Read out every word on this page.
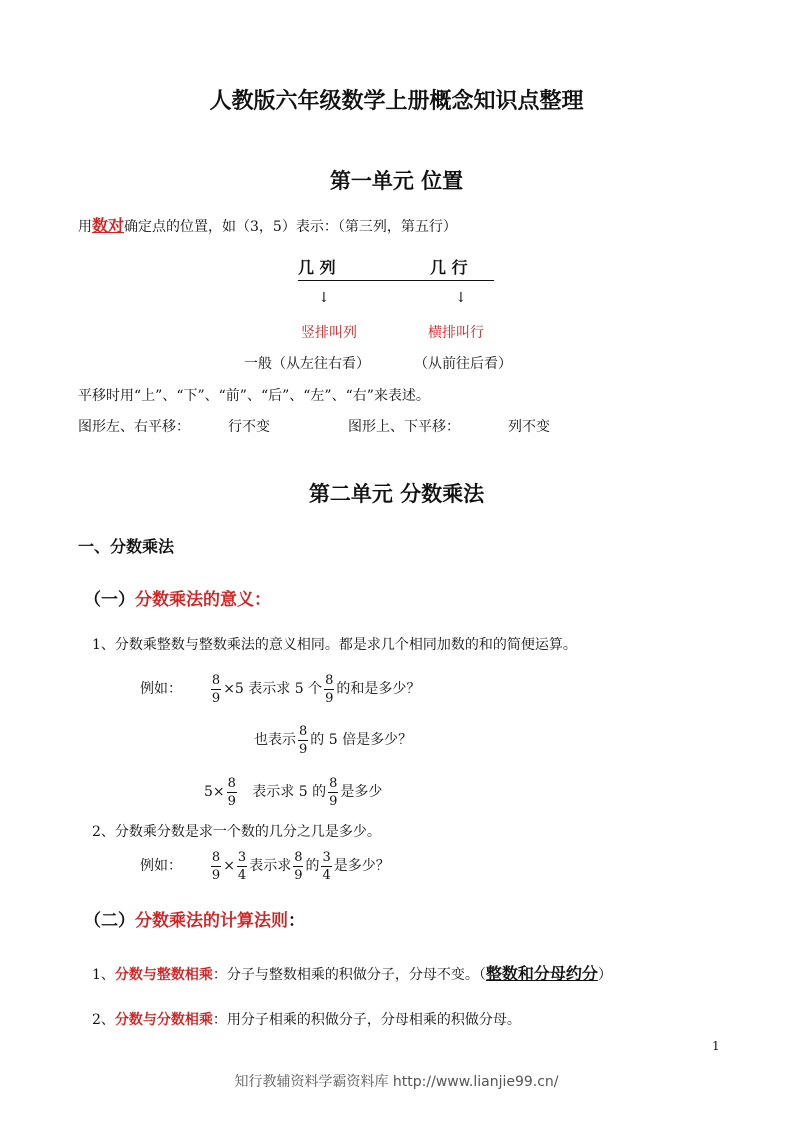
人教版六年级数学上册概念知识点整理
第一单元 位置
用数对确定点的位置，如（3，5）表示：（第三列，第五行）
几 列	几 行
↓	↓
竖排叫列	横排叫行
一般（从左往右看）	（从前往后看）
平移时用“上”、“下”、“前”、“后”、“左”、“右”来表述。
图形左、右平移：	行不变	图形上、下平移：	列不变
第二单元 分数乘法
一、分数乘法
（一）分数乘法的意义：
1、分数乘整数与整数乘法的意义相同。都是求几个相同加数的和的简便运算。
例如： $\frac{8}{9} \times 5$ 表示求 5 个 $\frac{8}{9}$ 的和是多少？
也表示 $\frac{8}{9}$ 的 5 倍是多少？
$5\times \frac{8}{9}$ 表示求 5 的 $\frac{8}{9}$ 是多少
2、分数乘分数是求一个数的几分之几是多少。
例如： $\frac{8}{9} \times \frac{3}{4}$ 表示求 $\frac{8}{9}$ 的 $\frac{3}{4}$ 是多少？
（二）分数乘法的计算法则：
1、分数与整数相乘：分子与整数相乘的积做分子，分母不变。（整数和分母约分）
2、分数与分数相乘：用分子相乘的积做分子，分母相乘的积做分母。
1
知行教辅资料学霸资料库 http://www.lianjie99.cn/
